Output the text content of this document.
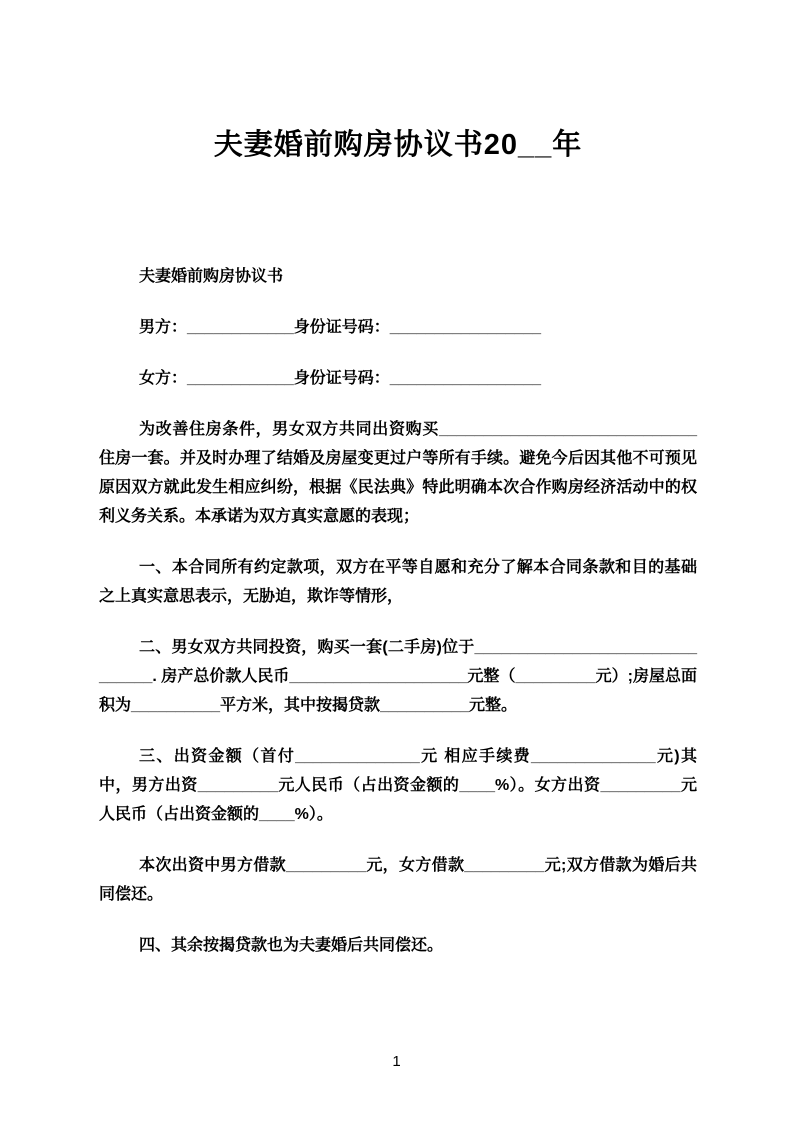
夫妻婚前购房协议书20__年

夫妻婚前购房协议书

男方：____________身份证号码：_________________

女方：____________身份证号码：_________________

为改善住房条件，男女双方共同出资购买_____________________________住房一套。并及时办理了结婚及房屋变更过户等所有手续。避免今后因其他不可预见原因双方就此发生相应纠纷，根据《民法典》特此明确本次合作购房经济活动中的权利义务关系。本承诺为双方真实意愿的表现；

一、本合同所有约定款项，双方在平等自愿和充分了解本合同条款和目的基础之上真实意思表示，无胁迫，欺诈等情形，

二、男女双方共同投资，购买一套(二手房)位于_______________________________. 房产总价款人民币____________________元整（_________元）;房屋总面积为__________平方米，其中按揭贷款__________元整。

三、出资金额（首付______________元 相应手续费______________元)其中，男方出资_________元人民币（占出资金额的____%）。女方出资_________元人民币（占出资金额的____%）。

本次出资中男方借款_________元，女方借款_________元;双方借款为婚后共同偿还。

四、其余按揭贷款也为夫妻婚后共同偿还。

1
